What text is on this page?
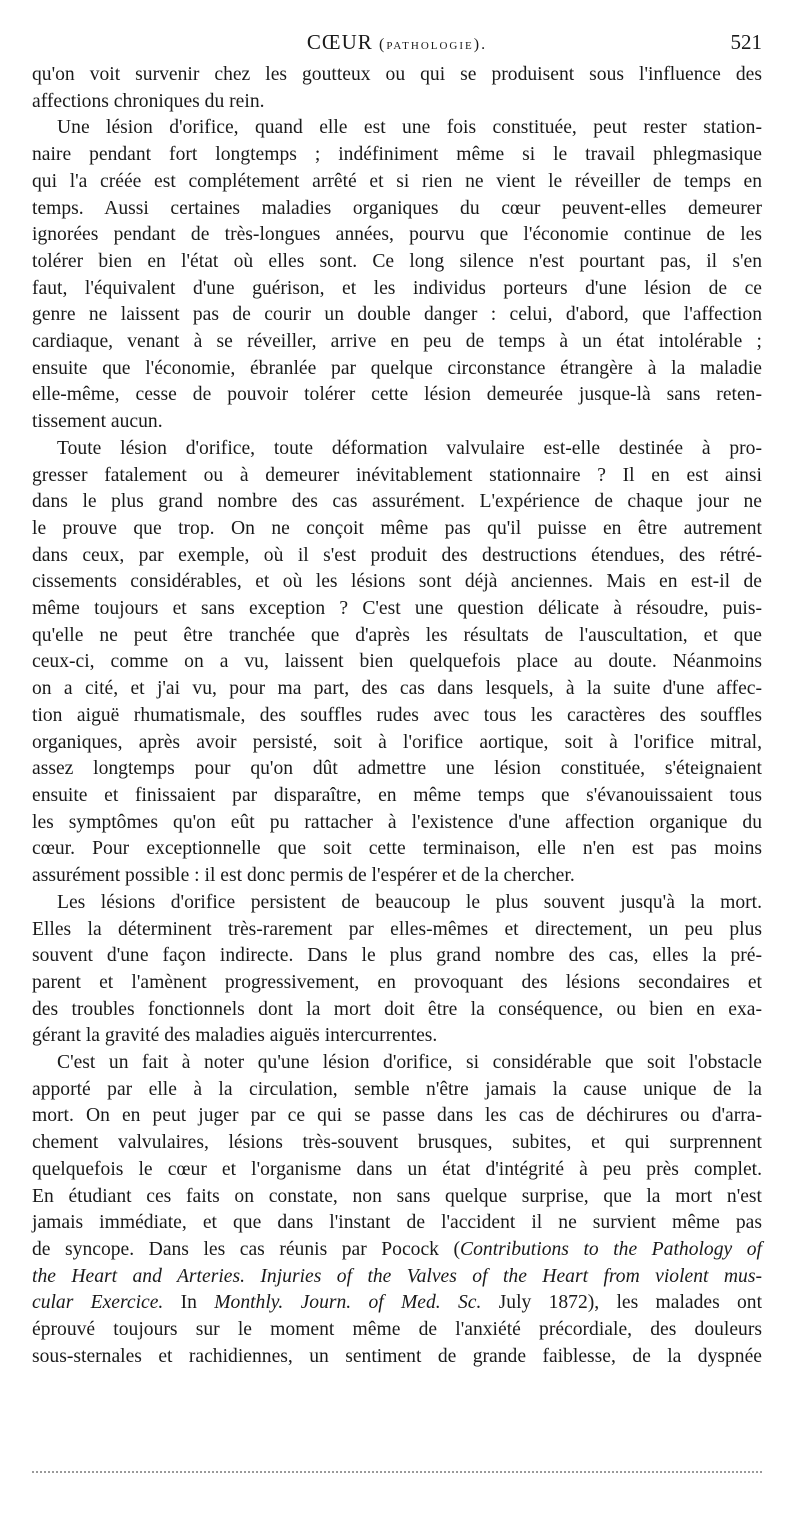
CŒUR (pathologie).	521
qu'on voit survenir chez les goutteux ou qui se produisent sous l'influence des
affections chroniques du rein.
Une lésion d'orifice, quand elle est une fois constituée, peut rester station-
naire pendant fort longtemps ; indéfiniment même si le travail phlegmasique
qui l'a créée est complétement arrêté et si rien ne vient le réveiller de temps en
temps. Aussi certaines maladies organiques du cœur peuvent-elles demeurer
ignorées pendant de très-longues années, pourvu que l'économie continue de les
tolérer bien en l'état où elles sont. Ce long silence n'est pourtant pas, il s'en
faut, l'équivalent d'une guérison, et les individus porteurs d'une lésion de ce
genre ne laissent pas de courir un double danger : celui, d'abord, que l'affection
cardiaque, venant à se réveiller, arrive en peu de temps à un état intolérable ;
ensuite que l'économie, ébranlée par quelque circonstance étrangère à la maladie
elle-même, cesse de pouvoir tolérer cette lésion demeurée jusque-là sans reten-
tissement aucun.
Toute lésion d'orifice, toute déformation valvulaire est-elle destinée à pro-
gresser fatalement ou à demeurer inévitablement stationnaire ? Il en est ainsi
dans le plus grand nombre des cas assurément. L'expérience de chaque jour ne
le prouve que trop. On ne conçoit même pas qu'il puisse en être autrement
dans ceux, par exemple, où il s'est produit des destructions étendues, des rétré-
cissements considérables, et où les lésions sont déjà anciennes. Mais en est-il de
même toujours et sans exception ? C'est une question délicate à résoudre, puis-
qu'elle ne peut être tranchée que d'après les résultats de l'auscultation, et que
ceux-ci, comme on a vu, laissent bien quelquefois place au doute. Néanmoins
on a cité, et j'ai vu, pour ma part, des cas dans lesquels, à la suite d'une affec-
tion aiguë rhumatismale, des souffles rudes avec tous les caractères des souffles
organiques, après avoir persisté, soit à l'orifice aortique, soit à l'orifice mitral,
assez longtemps pour qu'on dût admettre une lésion constituée, s'éteignaient
ensuite et finissaient par disparaître, en même temps que s'évanouissaient tous
les symptômes qu'on eût pu rattacher à l'existence d'une affection organique du
cœur. Pour exceptionnelle que soit cette terminaison, elle n'en est pas moins
assurément possible : il est donc permis de l'espérer et de la chercher.
Les lésions d'orifice persistent de beaucoup le plus souvent jusqu'à la mort.
Elles la déterminent très-rarement par elles-mêmes et directement, un peu plus
souvent d'une façon indirecte. Dans le plus grand nombre des cas, elles la pré-
parent et l'amènent progressivement, en provoquant des lésions secondaires et
des troubles fonctionnels dont la mort doit être la conséquence, ou bien en exa-
gérant la gravité des maladies aiguës intercurrentes.
C'est un fait à noter qu'une lésion d'orifice, si considérable que soit l'obstacle
apporté par elle à la circulation, semble n'être jamais la cause unique de la
mort. On en peut juger par ce qui se passe dans les cas de déchirures ou d'arra-
chement valvulaires, lésions très-souvent brusques, subites, et qui surprennent
quelquefois le cœur et l'organisme dans un état d'intégrité à peu près complet.
En étudiant ces faits on constate, non sans quelque surprise, que la mort n'est
jamais immédiate, et que dans l'instant de l'accident il ne survient même pas
de syncope. Dans les cas réunis par Pocock (Contributions to the Pathology of
the Heart and Arteries. Injuries of the Valves of the Heart from violent mus-
cular Exercice. In Monthly. Journ. of Med. Sc. July 1872), les malades ont
éprouvé toujours sur le moment même de l'anxiété précordiale, des douleurs
sous-sternales et rachidiennes, un sentiment de grande faiblesse, de la dyspnée
